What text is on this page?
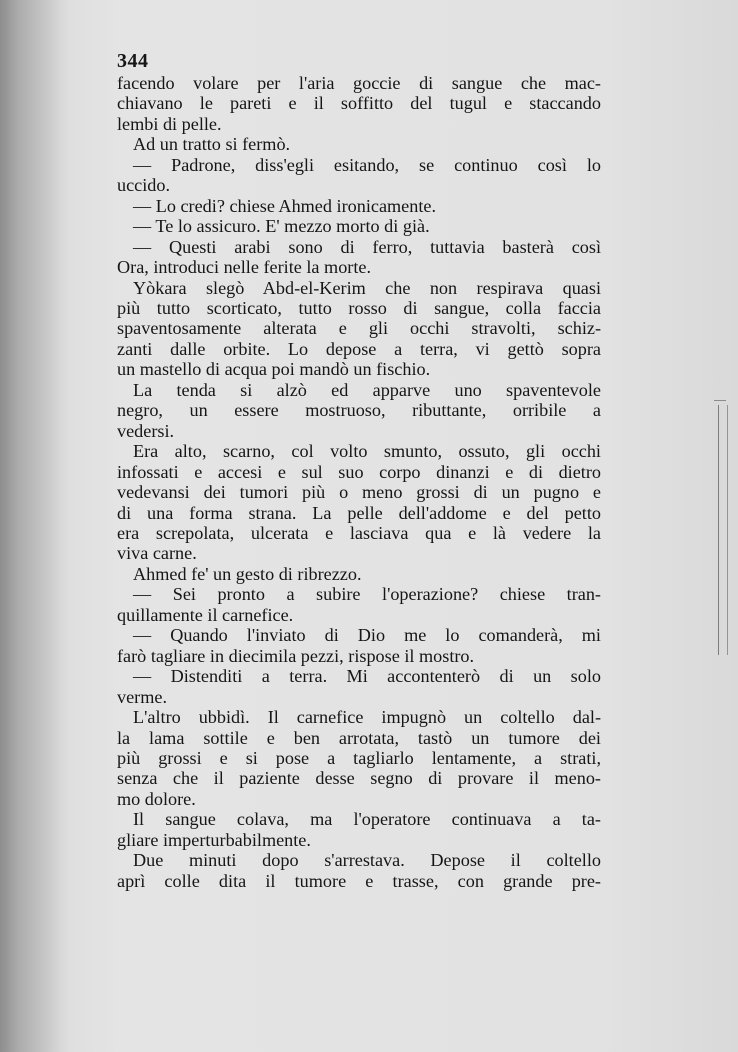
344
facendo volare per l'aria goccie di sangue che mac-
chiavano le pareti e il soffitto del tugul e staccando
lembi di pelle.
Ad un tratto si fermò.
— Padrone, diss'egli esitando, se continuo così lo
uccido.
— Lo credi? chiese Ahmed ironicamente.
— Te lo assicuro. E' mezzo morto di già.
— Questi arabi sono di ferro, tuttavia basterà così
Ora, introduci nelle ferite la morte.
Yòkara slegò Abd-el-Kerim che non respirava quasi
più tutto scorticato, tutto rosso di sangue, colla faccia
spaventosamente alterata e gli occhi stravolti, schiz-
zanti dalle orbite. Lo depose a terra, vi gettò sopra
un mastello di acqua poi mandò un fischio.
La tenda si alzò ed apparve uno spaventevole
negro, un essere mostruoso, ributtante, orribile a
vedersi.
Era alto, scarno, col volto smunto, ossuto, gli occhi
infossati e accesi e sul suo corpo dinanzi e di dietro
vedevansi dei tumori più o meno grossi di un pugno e
di una forma strana. La pelle dell'addome e del petto
era screpolata, ulcerata e lasciava qua e là vedere la
viva carne.
Ahmed fe' un gesto di ribrezzo.
— Sei pronto a subire l'operazione? chiese tran-
quillamente il carnefice.
— Quando l'inviato di Dio me lo comanderà, mi
farò tagliare in diecimila pezzi, rispose il mostro.
— Distenditi a terra. Mi accontenterò di un solo
verme.
L'altro ubbidì. Il carnefice impugnò un coltello dal-
la lama sottile e ben arrotata, tastò un tumore dei
più grossi e si pose a tagliarlo lentamente, a strati,
senza che il paziente desse segno di provare il meno-
mo dolore.
Il sangue colava, ma l'operatore continuava a ta-
gliare imperturbabilmente.
Due minuti dopo s'arrestava. Depose il coltello
aprì colle dita il tumore e trasse, con grande pre-
